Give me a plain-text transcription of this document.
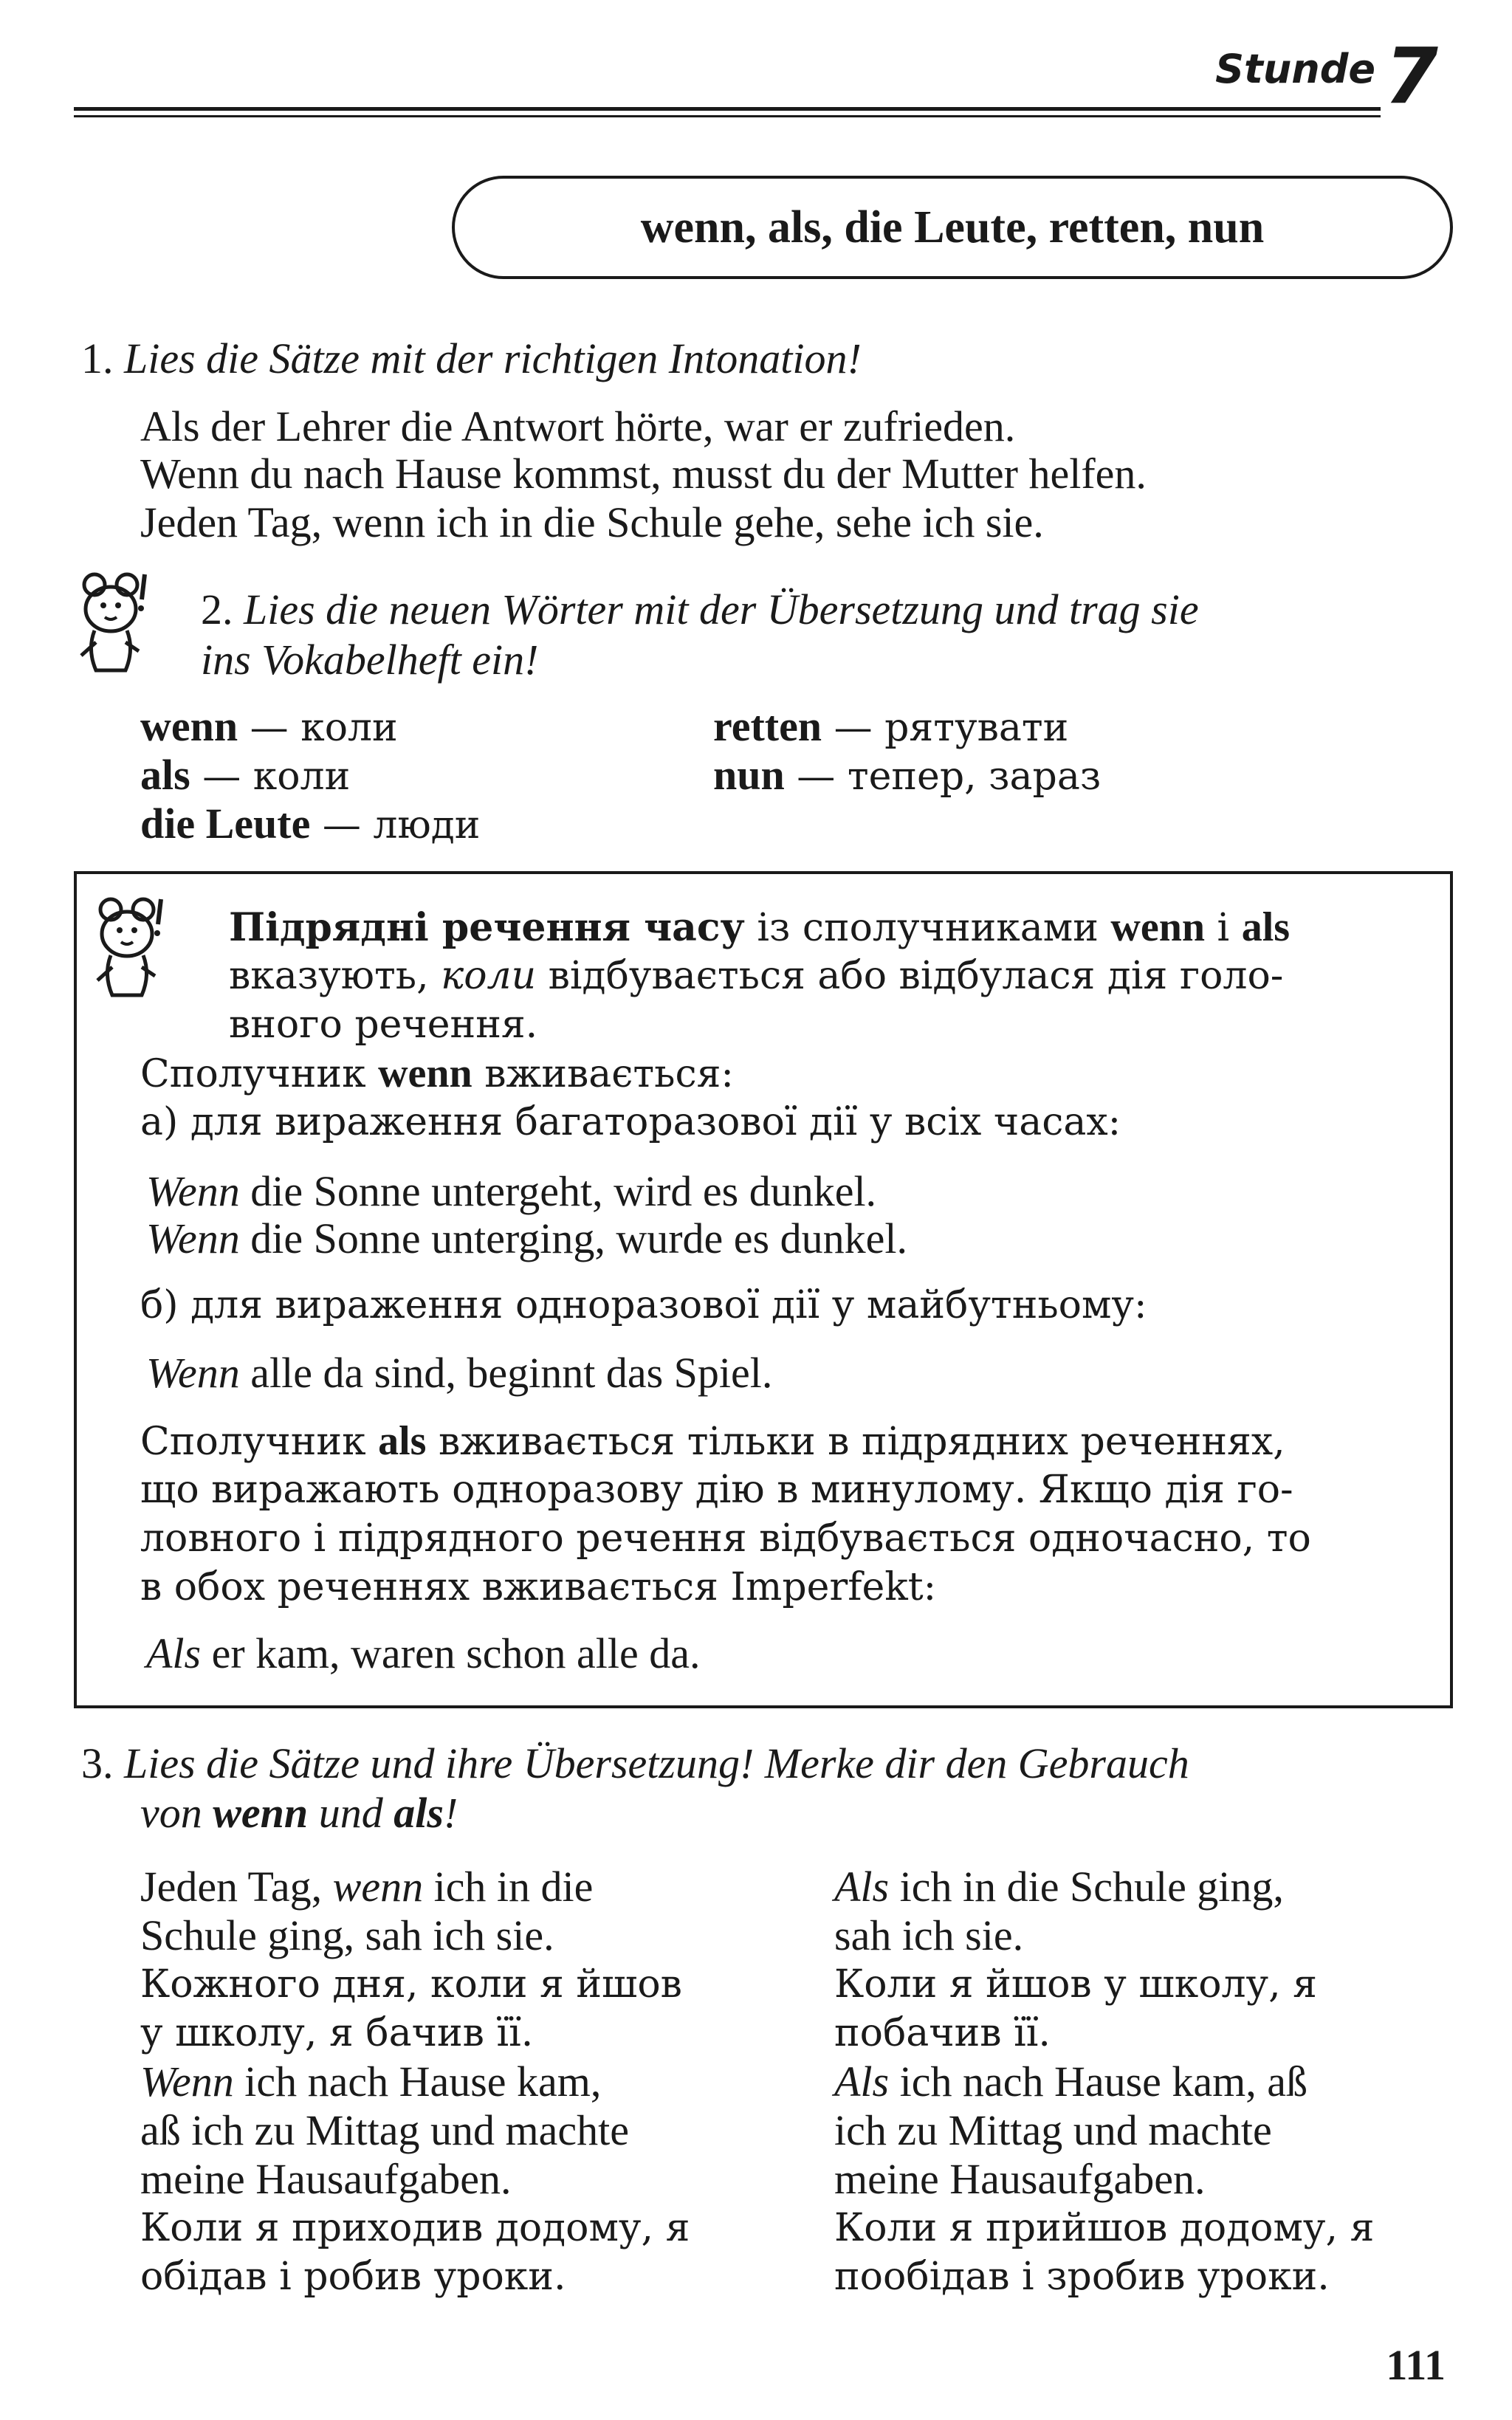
Stunde 7
wenn, als, die Leute, retten, nun
1. Lies die Sätze mit der richtigen Intonation!
Als der Lehrer die Antwort hörte, war er zufrieden.
Wenn du nach Hause kommst, musst du der Mutter helfen.
Jeden Tag, wenn ich in die Schule gehe, sehe ich sie.
2. Lies die neuen Wörter mit der Übersetzung und trag sie
ins Vokabelheft ein!
wenn — коли
als — коли
die Leute — люди
retten — рятувати
nun — тепер, зараз
Підрядні речення часу із сполучниками wenn і als
вказують, коли відбувається або відбулася дія голо-
вного речення.
Сполучник wenn вживається:
а) для вираження багаторазової дії у всіх часах:
Wenn die Sonne untergeht, wird es dunkel.
Wenn die Sonne unterging, wurde es dunkel.
б) для вираження одноразової дії у майбутньому:
Wenn alle da sind, beginnt das Spiel.
Сполучник als вживається тільки в підрядних реченнях,
що виражають одноразову дію в минулому. Якщо дія го-
ловного і підрядного речення відбувається одночасно, то
в обох реченнях вживається Imperfekt:
Als er kam, waren schon alle da.
3. Lies die Sätze und ihre Übersetzung! Merke dir den Gebrauch
von wenn und als!
Jeden Tag, wenn ich in die
Schule ging, sah ich sie.
Кожного дня, коли я йшов
у школу, я бачив її.
Wenn ich nach Hause kam,
aß ich zu Mittag und machte
meine Hausaufgaben.
Коли я приходив додому, я
обідав і робив уроки.
Als ich in die Schule ging,
sah ich sie.
Коли я йшов у школу, я
побачив її.
Als ich nach Hause kam, aß
ich zu Mittag und machte
meine Hausaufgaben.
Коли я прийшов додому, я
пообідав і зробив уроки.
111
